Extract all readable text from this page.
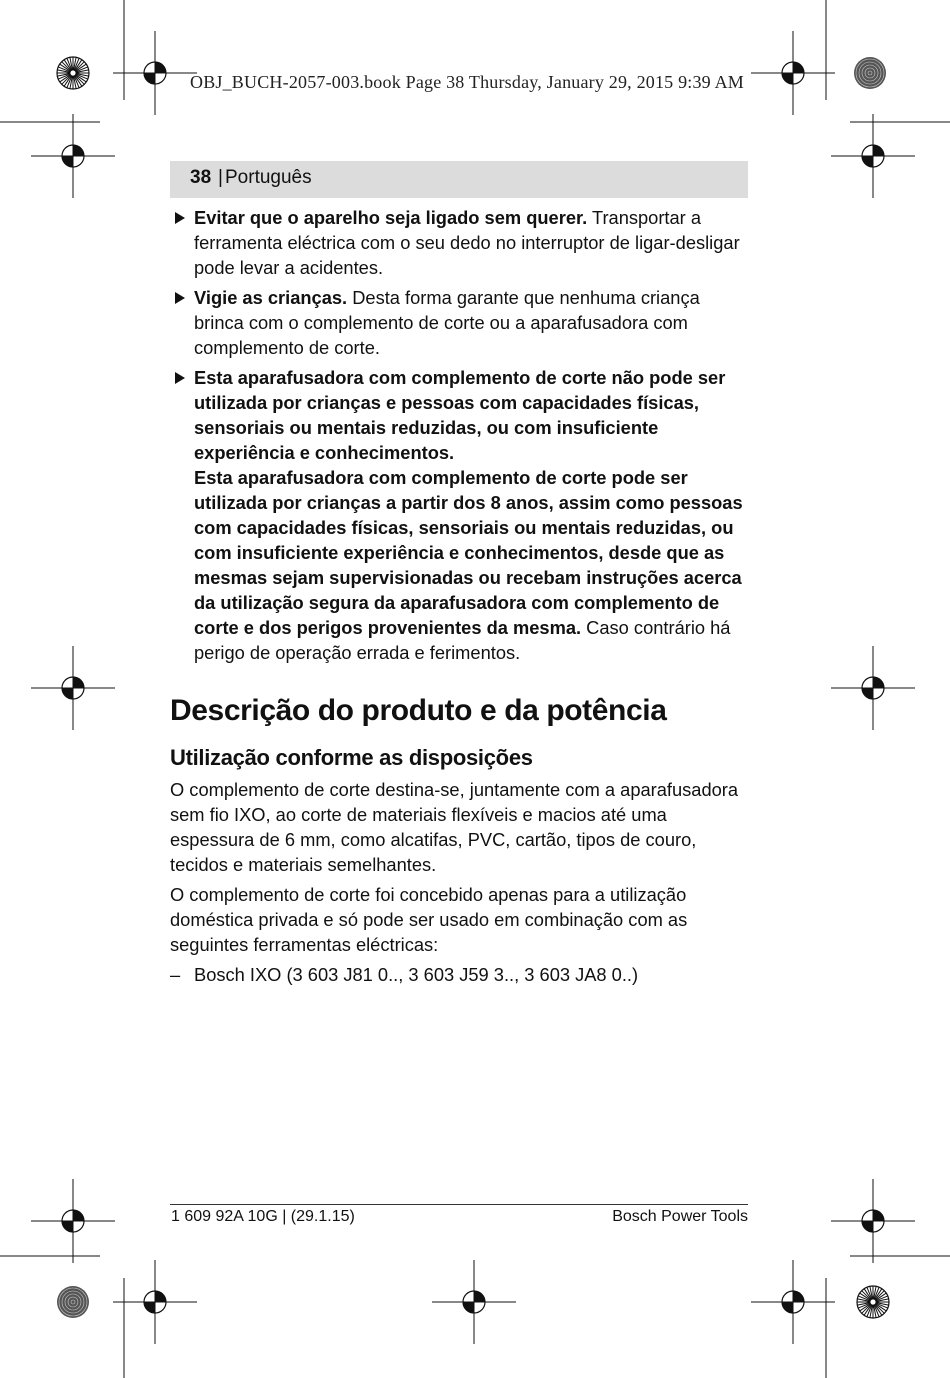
OBJ_BUCH-2057-003.book Page 38 Thursday, January 29, 2015 9:39 AM
38 | Português
Evitar que o aparelho seja ligado sem querer. Transportar a ferramenta eléctrica com o seu dedo no interruptor de ligar-desligar pode levar a acidentes.
Vigie as crianças. Desta forma garante que nenhuma criança brinca com o complemento de corte ou a aparafusadora com complemento de corte.
Esta aparafusadora com complemento de corte não pode ser utilizada por crianças e pessoas com capacidades físicas, sensoriais ou mentais reduzidas, ou com insuficiente experiência e conhecimentos.
Esta aparafusadora com complemento de corte pode ser utilizada por crianças a partir dos 8 anos, assim como pessoas com capacidades físicas, sensoriais ou mentais reduzidas, ou com insuficiente experiência e conhecimentos, desde que as mesmas sejam supervisionadas ou recebam instruções acerca da utilização segura da aparafusadora com complemento de corte e dos perigos provenientes da mesma. Caso contrário há perigo de operação errada e ferimentos.
Descrição do produto e da potência
Utilização conforme as disposições

O complemento de corte destina-se, juntamente com a aparafusadora sem fio IXO, ao corte de materiais flexíveis e macios até uma espessura de 6 mm, como alcatifas, PVC, cartão, tipos de couro, tecidos e materiais semelhantes.

O complemento de corte foi concebido apenas para a utilização doméstica privada e só pode ser usado em combinação com as seguintes ferramentas eléctricas:

– Bosch IXO (3 603 J81 0.., 3 603 J59 3.., 3 603 JA8 0..)
1 609 92A 10G | (29.1.15)	Bosch Power Tools
